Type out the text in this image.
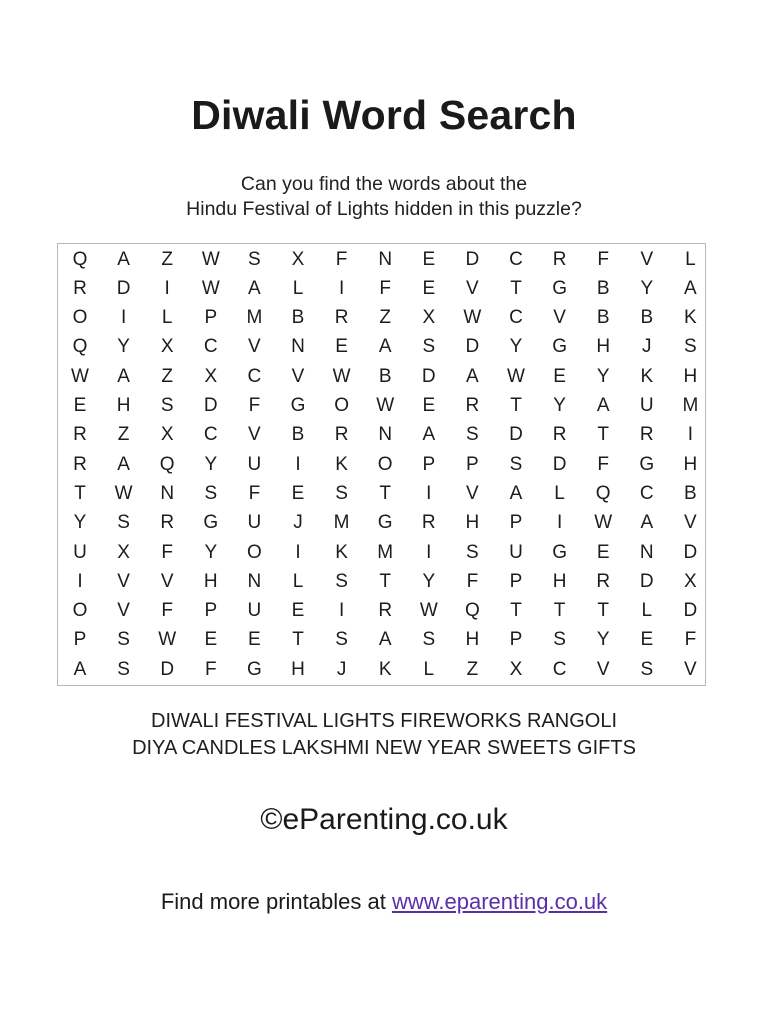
Diwali Word Search
Can you find the words about the
Hindu Festival of Lights hidden in this puzzle?
Q	A	Z	W	S	X	F	N	E	D	C	R	F	V	L
R	D	I	W	A	L	I	F	E	V	T	G	B	Y	A
O	I	L	P	M	B	R	Z	X	W	C	V	B	B	K
Q	Y	X	C	V	N	E	A	S	D	Y	G	H	J	S
W	A	Z	X	C	V	W	B	D	A	W	E	Y	K	H
E	H	S	D	F	G	O	W	E	R	T	Y	A	U	M
R	Z	X	C	V	B	R	N	A	S	D	R	T	R	I
R	A	Q	Y	U	I	K	O	P	P	S	D	F	G	H
T	W	N	S	F	E	S	T	I	V	A	L	Q	C	B
Y	S	R	G	U	J	M	G	R	H	P	I	W	A	V
U	X	F	Y	O	I	K	M	I	S	U	G	E	N	D
I	V	V	H	N	L	S	T	Y	F	P	H	R	D	X
O	V	F	P	U	E	I	R	W	Q	T	T	T	L	D
P	S	W	E	E	T	S	A	S	H	P	S	Y	E	F
A	S	D	F	G	H	J	K	L	Z	X	C	V	S	V
DIWALI FESTIVAL LIGHTS FIREWORKS RANGOLI
DIYA CANDLES LAKSHMI NEW YEAR SWEETS GIFTS
©eParenting.co.uk
Find more printables at www.eparenting.co.uk
